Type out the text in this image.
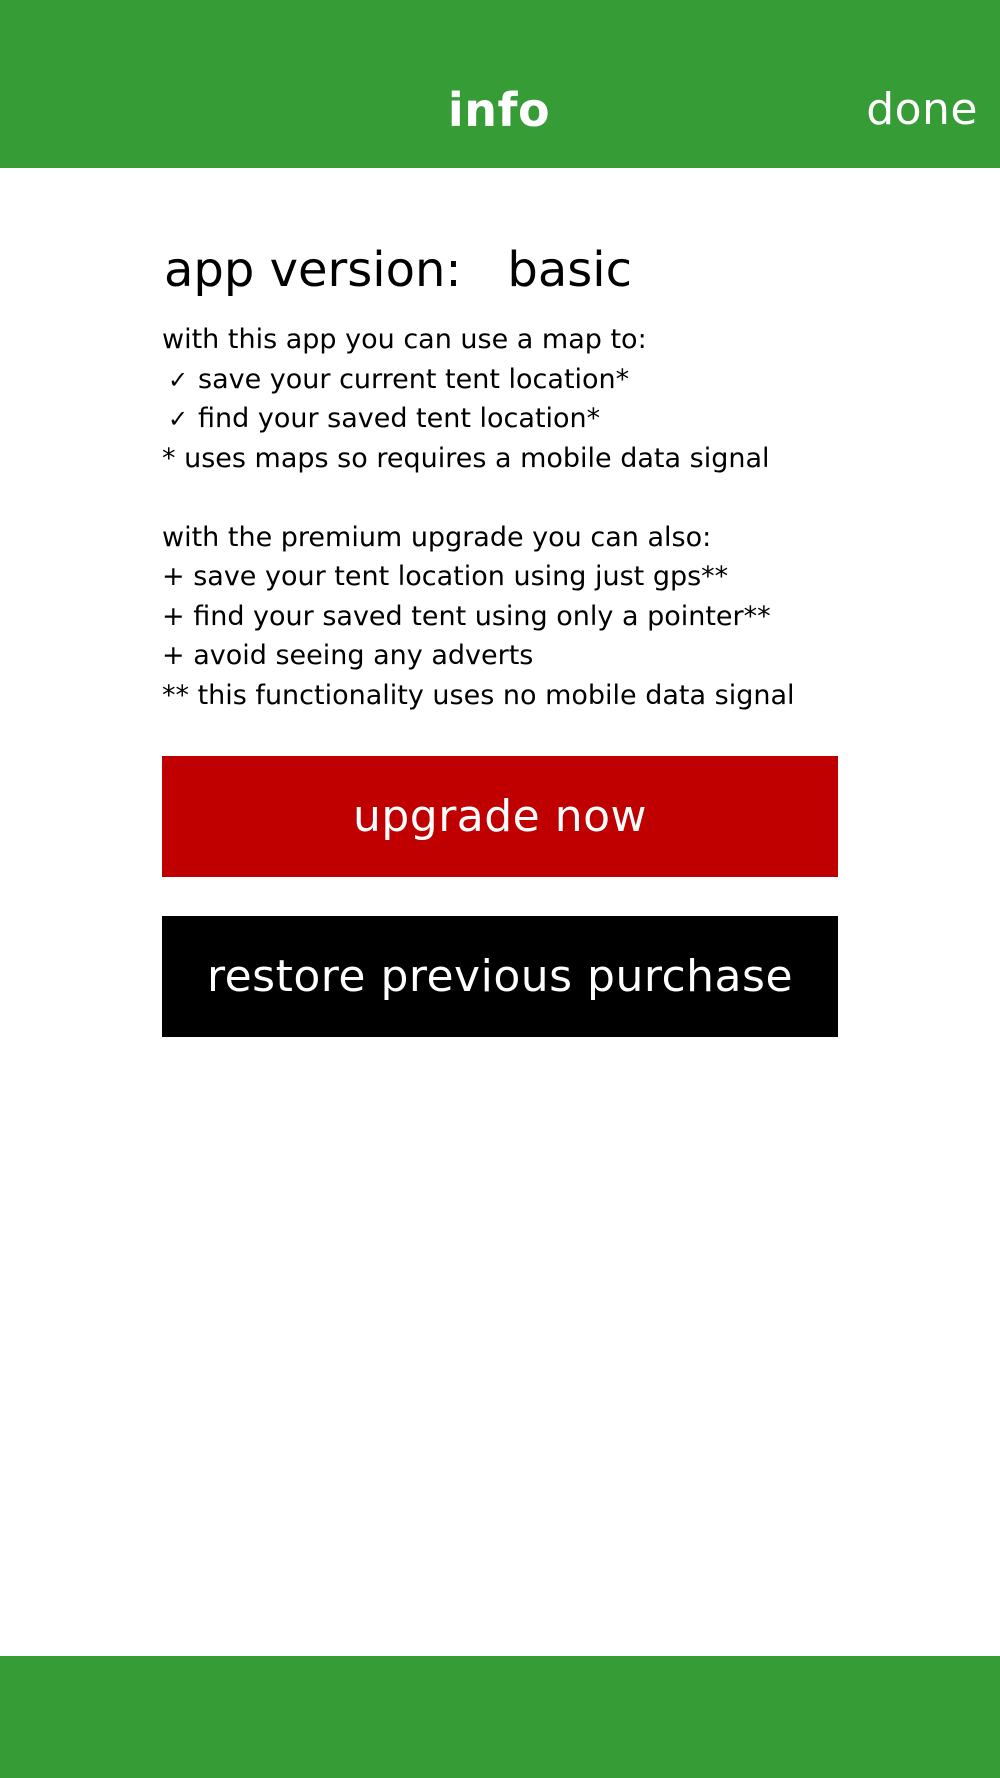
info	done
app version: basic
with this app you can use a map to:
✓ save your current tent location*
✓ find your saved tent location*
* uses maps so requires a mobile data signal
with the premium upgrade you can also:
+ save your tent location using just gps**
+ find your saved tent using only a pointer**
+ avoid seeing any adverts
** this functionality uses no mobile data signal
upgrade now
restore previous purchase
